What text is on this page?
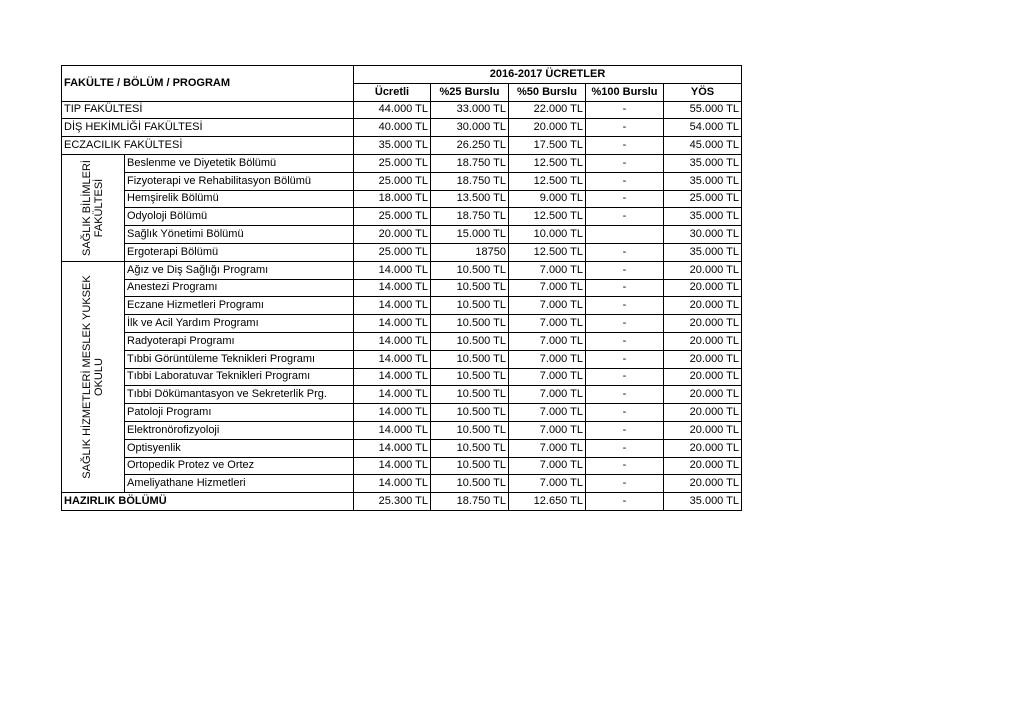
FAKÜLTE / BÖLÜM / PROGRAM		2016-2017 ÜCRETLER				
		Ücretli	%25 Burslu	%50 Burslu	%100 Burslu	YÖS
TIP FAKÜLTESİ		44.000 TL	33.000 TL	22.000 TL	-	55.000 TL
DİŞ HEKİMLİĞİ FAKÜLTESİ		40.000 TL	30.000 TL	20.000 TL	-	54.000 TL
ECZACILIK FAKÜLTESİ		35.000 TL	26.250 TL	17.500 TL	-	45.000 TL

SAĞLIK BİLİMLERİ FAKÜLTESİ	Beslenme ve Diyetetik Bölümü	25.000 TL	18.750 TL	12.500 TL	-	35.000 TL
	Fizyoterapi ve Rehabilitasyon Bölümü	25.000 TL	18.750 TL	12.500 TL	-	35.000 TL
	Hemşirelik Bölümü	18.000 TL	13.500 TL	9.000 TL	-	25.000 TL
	Odyoloji Bölümü	25.000 TL	18.750 TL	12.500 TL	-	35.000 TL
	Sağlık Yönetimi Bölümü	20.000 TL	15.000 TL	10.000 TL		30.000 TL
	Ergoterapi Bölümü	25.000 TL	18750	12.500 TL	-	35.000 TL

SAĞLIK HİZMETLERİ MESLEK YUKSEK OKULU	Ağız ve Diş Sağlığı Programı	14.000 TL	10.500 TL	7.000 TL	-	20.000 TL
	Anestezi Programı	14.000 TL	10.500 TL	7.000 TL	-	20.000 TL
	Eczane Hizmetleri Programı	14.000 TL	10.500 TL	7.000 TL	-	20.000 TL
	İlk ve Acil Yardım Programı	14.000 TL	10.500 TL	7.000 TL	-	20.000 TL
	Radyoterapi Programı	14.000 TL	10.500 TL	7.000 TL	-	20.000 TL
	Tıbbi Görüntüleme Teknikleri Programı	14.000 TL	10.500 TL	7.000 TL	-	20.000 TL
	Tıbbi Laboratuvar Teknikleri Programı	14.000 TL	10.500 TL	7.000 TL	-	20.000 TL
	Tıbbi Dökümantasyon ve Sekreterlik Prg.	14.000 TL	10.500 TL	7.000 TL	-	20.000 TL
	Patoloji Programı	14.000 TL	10.500 TL	7.000 TL	-	20.000 TL
	Elektronörofizyoloji	14.000 TL	10.500 TL	7.000 TL	-	20.000 TL
	Optisyenlik	14.000 TL	10.500 TL	7.000 TL	-	20.000 TL
	Ortopedik Protez ve Ortez	14.000 TL	10.500 TL	7.000 TL	-	20.000 TL
	Ameliyathane Hizmetleri	14.000 TL	10.500 TL	7.000 TL	-	20.000 TL
HAZIRLIK BÖLÜMÜ		25.300 TL	18.750 TL	12.650 TL	-	35.000 TL
